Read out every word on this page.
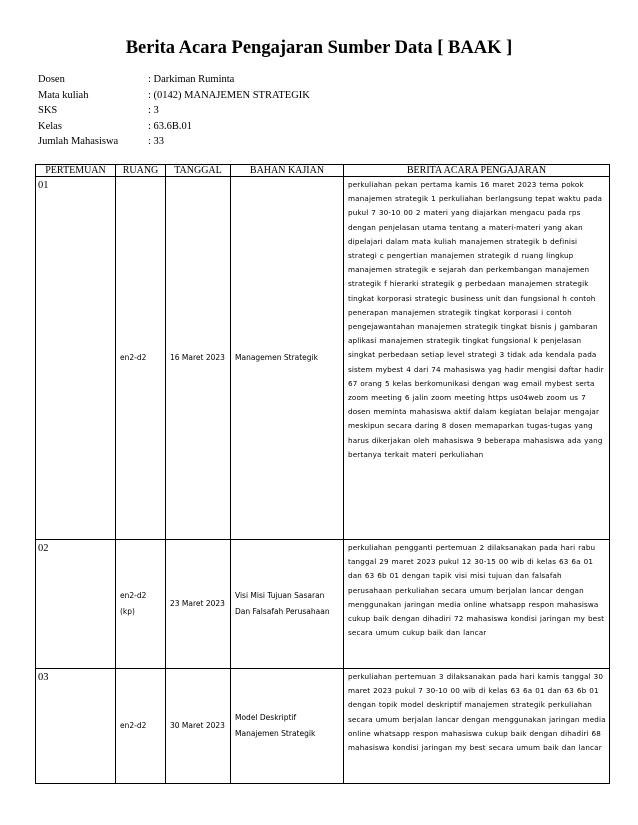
Berita Acara Pengajaran Sumber Data [ BAAK ]
Dosen	: Darkiman Ruminta
Mata kuliah	: (0142) MANAJEMEN STRATEGIK
SKS	: 3
Kelas	: 63.6B.01
Jumlah Mahasiswa	: 33
PERTEMUAN	RUANG	TANGGAL	BAHAN KAJIAN	BERITA ACARA PENGAJARAN
01	en2-d2	16 Maret 2023	Managemen Strategik	perkuliahan pekan pertama kamis 16 maret 2023 tema pokok manajemen strategik 1 perkuliahan berlangsung tepat waktu pada pukul 7 30-10 00 2 materi yang diajarkan mengacu pada rps dengan penjelasan utama tentang a materi-materi yang akan dipelajari dalam mata kuliah manajemen strategik b definisi strategi c pengertian manajemen strategik d ruang lingkup manajemen strategik e sejarah dan perkembangan manajemen strategik f hierarki strategik g perbedaan manajemen strategik tingkat korporasi strategic business unit dan fungsional h contoh penerapan manajemen strategik tingkat korporasi i contoh pengejawantahan manajemen strategik tingkat bisnis j gambaran aplikasi manajemen strategik tingkat fungsional k penjelasan singkat perbedaan setiap level strategi 3 tidak ada kendala pada sistem mybest 4 dari 74 mahasiswa yag hadir mengisi daftar hadir 67 orang 5 kelas berkomunikasi dengan wag email mybest serta zoom meeting 6 jalin zoom meeting https us04web zoom us 7 dosen meminta mahasiswa aktif dalam kegiatan belajar mengajar meskipun secara daring 8 dosen memaparkan tugas-tugas yang harus dikerjakan oleh mahasiswa 9 beberapa mahasiswa ada yang bertanya terkait materi perkuliahan

02	en2-d2 (kp)	23 Maret 2023	Visi Misi Tujuan Sasaran Dan Falsafah Perusahaan	perkuliahan pengganti pertemuan 2 dilaksanakan pada hari rabu tanggal 29 maret 2023 pukul 12 30-15 00 wib di kelas 63 6a 01 dan 63 6b 01 dengan tapik visi misi tujuan dan falsafah perusahaan perkuliahan secara umum berjalan lancar dengan menggunakan jaringan media online whatsapp respon mahasiswa cukup baik dengan dihadiri 72 mahasiswa kondisi jaringan my best secara umum cukup baik dan lancar

03	en2-d2	30 Maret 2023	Model Deskriptif Manajemen Strategik	perkuliahan pertemuan 3 dilaksanakan pada hari kamis tanggal 30 maret 2023 pukul 7 30-10 00 wib di kelas 63 6a 01 dan 63 6b 01 dengan topik model deskriptif manajemen strategik perkuliahan secara umum berjalan lancar dengan menggunakan jaringan media online whatsapp respon mahasiswa cukup baik dengan dihadiri 68 mahasiswa kondisi jaringan my best secara umum baik dan lancar
